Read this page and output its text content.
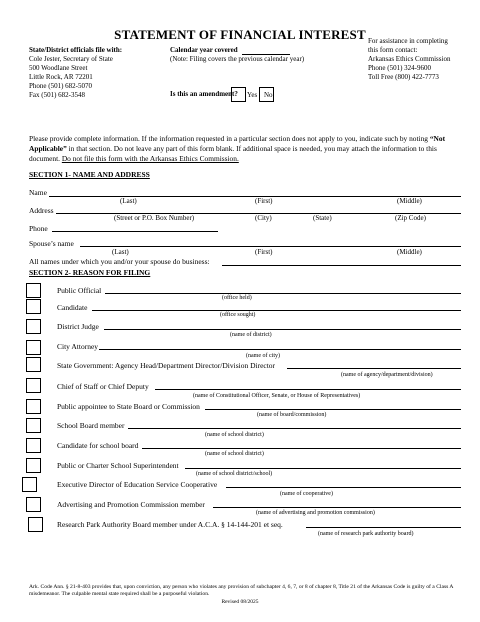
STATEMENT OF FINANCIAL INTEREST
State/District officials file with:
Cole Jester, Secretary of State
500 Woodlane Street
Little Rock, AR 72201
Phone (501) 682-5070
Fax (501) 682-3548
Calendar year covered
(Note: Filing covers the previous calendar year)
For assistance in completing
this form contact:
Arkansas Ethics Commission
Phone (501) 324-9600
Toll Free (800) 422-7773
Is this an amendment? Yes No
Please provide complete information. If the information requested in a particular section does not apply to you, indicate such by noting “Not Applicable” in that section. Do not leave any part of this form blank. If additional space is needed, you may attach the information to this document. Do not file this form with the Arkansas Ethics Commission.
SECTION 1- NAME AND ADDRESS
Name
(Last)	(First)	(Middle)
Address
(Street or P.O. Box Number)	(City)	(State)	(Zip Code)
Phone
Spouse’s name
(Last)	(First)	(Middle)
All names under which you and/or your spouse do business:
SECTION 2- REASON FOR FILING
Public Official
(office held)
Candidate
(office sought)
District Judge
(name of district)
City Attorney
(name of city)
State Government: Agency Head/Department Director/Division Director
(name of agency/department/division)
Chief of Staff or Chief Deputy
(name of Constitutional Officer, Senate, or House of Representatives)
Public appointee to State Board or Commission
(name of board/commission)
School Board member
(name of school district)
Candidate for school board
(name of school district)
Public or Charter School Superintendent
(name of school district/school)
Executive Director of Education Service Cooperative
(name of cooperative)
Advertising and Promotion Commission member
(name of advertising and promotion commission)
Research Park Authority Board member under A.C.A. § 14-144-201 et seq.
(name of research park authority board)
Ark. Code Ann. § 21-8-403 provides that, upon conviction, any person who violates any provision of subchapter 4, 6, 7, or 8 of chapter 8, Title 21 of the Arkansas Code is guilty of a Class A misdemeanor. The culpable mental state required shall be a purposeful violation.
Revised 08/2025
